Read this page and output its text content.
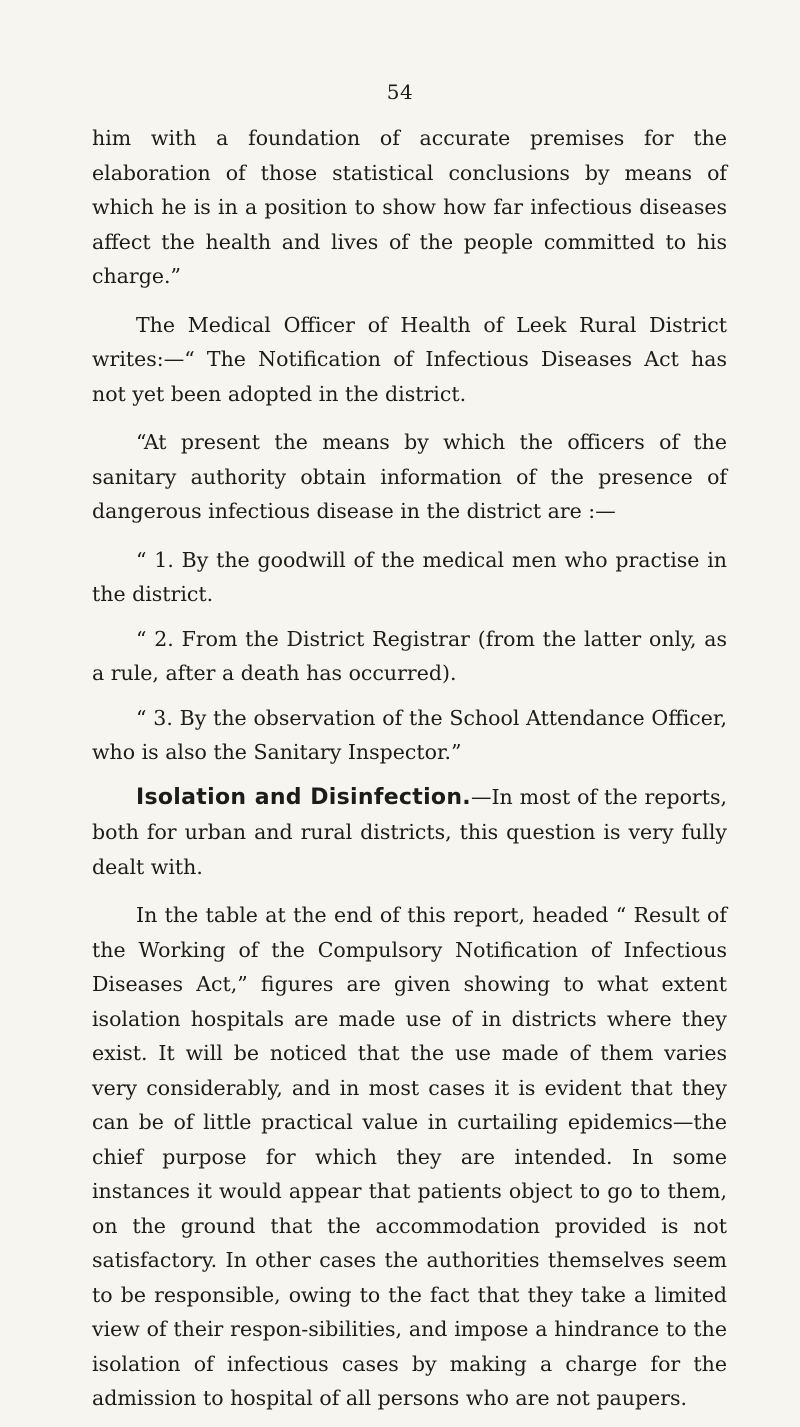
54

him with a foundation of accurate premises for the elaboration of those statistical conclusions by means of which he is in a position to show how far infectious diseases affect the health and lives of the people committed to his charge.”

The Medical Officer of Health of Leek Rural District writes:—“ The Notification of Infectious Diseases Act has not yet been adopted in the district.

“At present the means by which the officers of the sanitary authority obtain information of the presence of dangerous infectious disease in the district are :—

“ 1. By the goodwill of the medical men who practise in the district.

“ 2. From the District Registrar (from the latter only, as a rule, after a death has occurred).

“ 3. By the observation of the School Attendance Officer, who is also the Sanitary Inspector.”

Isolation and Disinfection.—In most of the reports, both for urban and rural districts, this question is very fully dealt with.

In the table at the end of this report, headed “ Result of the Working of the Compulsory Notification of Infectious Diseases Act,” figures are given showing to what extent isolation hospitals are made use of in districts where they exist. It will be noticed that the use made of them varies very considerably, and in most cases it is evident that they can be of little practical value in curtailing epidemics—the chief purpose for which they are intended. In some instances it would appear that patients object to go to them, on the ground that the accommodation provided is not satisfactory. In other cases the authorities themselves seem to be responsible, owing to the fact that they take a limited view of their respon-sibilities, and impose a hindrance to the isolation of infectious cases by making a charge for the admission to hospital of all persons who are not paupers.
